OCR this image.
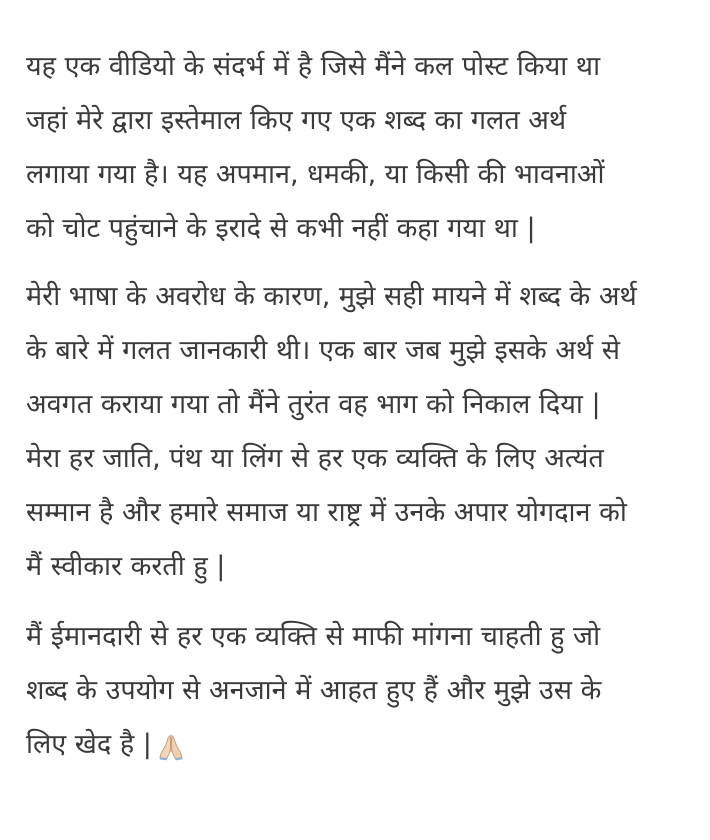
यह एक वीडियो के संदर्भ में है जिसे मैंने कल पोस्ट किया था
जहां मेरे द्वारा इस्तेमाल किए गए एक शब्द का गलत अर्थ
लगाया गया है। यह अपमान, धमकी, या किसी की भावनाओं
को चोट पहुंचाने के इरादे से कभी नहीं कहा गया था |
मेरी भाषा के अवरोध के कारण, मुझे सही मायने में शब्द के अर्थ
के बारे में गलत जानकारी थी। एक बार जब मुझे इसके अर्थ से
अवगत कराया गया तो मैंने तुरंत वह भाग को निकाल दिया |
मेरा हर जाति, पंथ या लिंग से हर एक व्यक्ति के लिए अत्यंत
सम्मान है और हमारे समाज या राष्ट्र में उनके अपार योगदान को
मैं स्वीकार करती हु |
मैं ईमानदारी से हर एक व्यक्ति से माफी मांगना चाहती हु जो
शब्द के उपयोग से अनजाने में आहत हुए हैं और मुझे उस के
लिए खेद है |
